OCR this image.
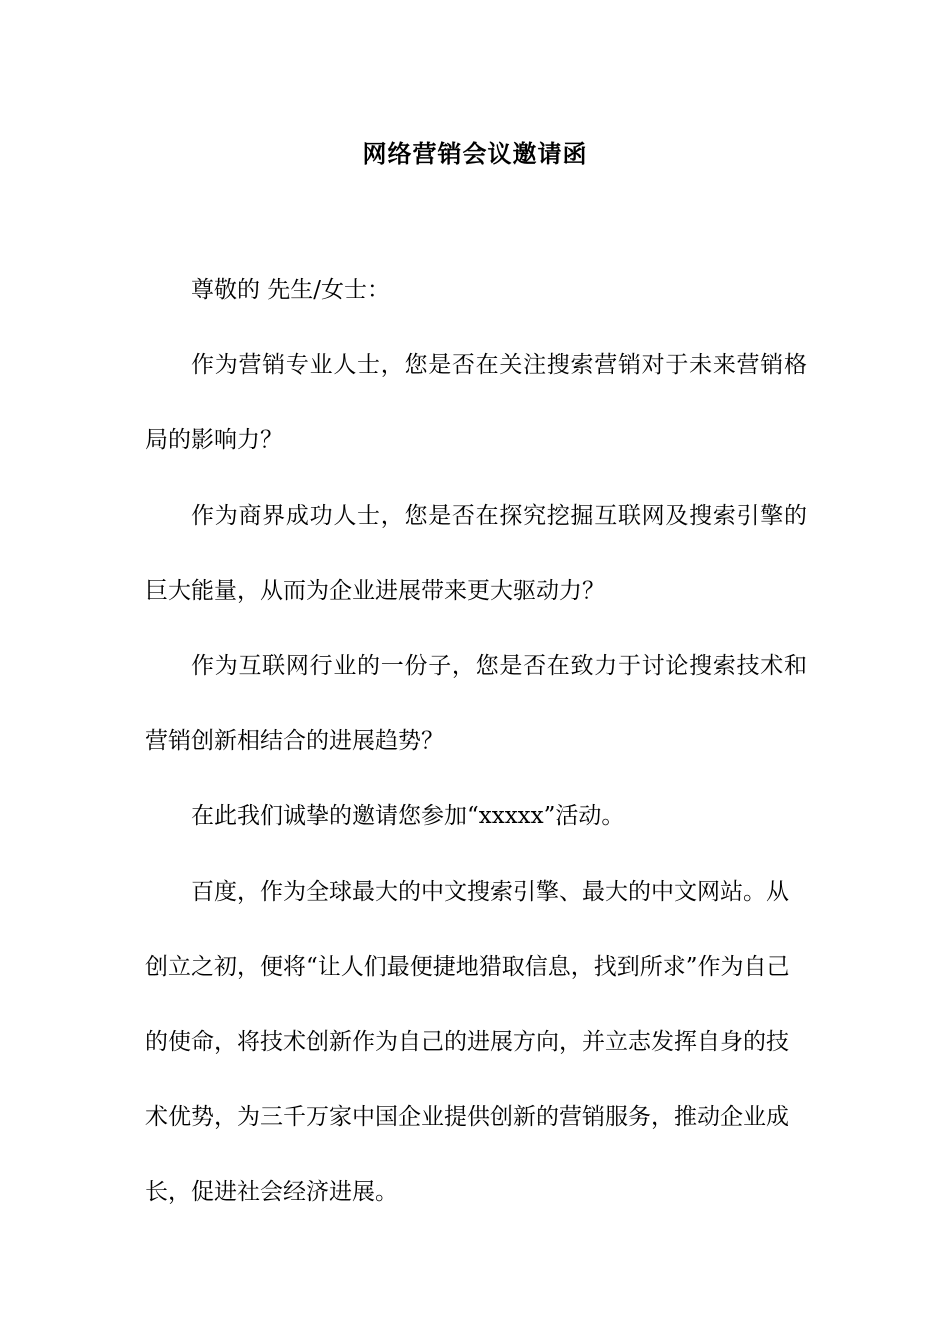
网络营销会议邀请函

尊敬的 先生/女士：

作为营销专业人士，您是否在关注搜索营销对于未来营销格局的影响力？

作为商界成功人士，您是否在探究挖掘互联网及搜索引擎的巨大能量，从而为企业进展带来更大驱动力？

作为互联网行业的一份子，您是否在致力于讨论搜索技术和营销创新相结合的进展趋势？

在此我们诚挚的邀请您参加“xxxxx”活动。

百度，作为全球最大的中文搜索引擎、最大的中文网站。从创立之初，便将“让人们最便捷地猎取信息，找到所求”作为自己的使命，将技术创新作为自己的进展方向，并立志发挥自身的技术优势，为三千万家中国企业提供创新的营销服务，推动企业成长，促进社会经济进展。
